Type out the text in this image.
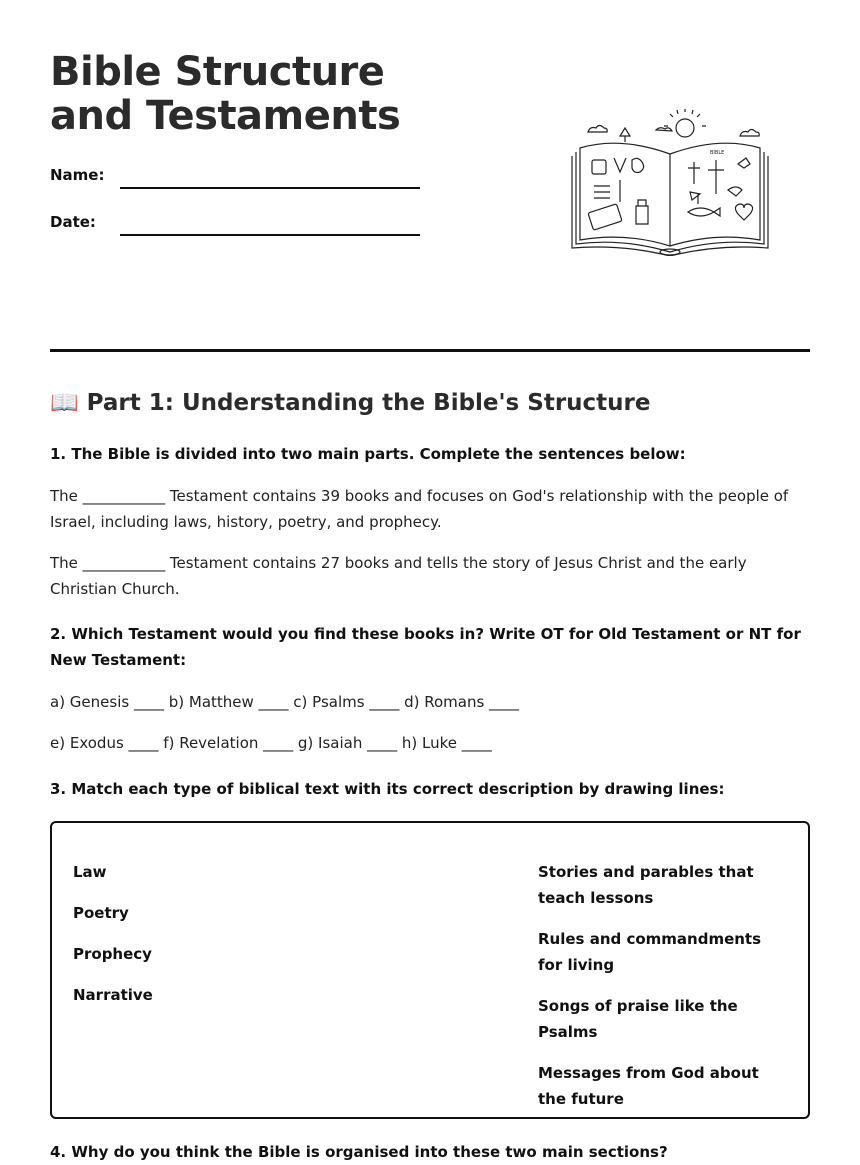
Bible Structure and Testaments
Name:
Date:
BIBLE
📖 Part 1: Understanding the Bible's Structure
1. The Bible is divided into two main parts. Complete the sentences below:
The ___________ Testament contains 39 books and focuses on God's relationship with the people of Israel, including laws, history, poetry, and prophecy.
The ___________ Testament contains 27 books and tells the story of Jesus Christ and the early Christian Church.
2. Which Testament would you find these books in? Write OT for Old Testament or NT for New Testament:
a) Genesis ____ b) Matthew ____ c) Psalms ____ d) Romans ____
e) Exodus ____ f) Revelation ____ g) Isaiah ____ h) Luke ____
3. Match each type of biblical text with its correct description by drawing lines:
Law
Poetry
Prophecy
Narrative
Stories and parables that teach lessons
Rules and commandments for living
Songs of praise like the Psalms
Messages from God about the future
4. Why do you think the Bible is organised into these two main sections?
